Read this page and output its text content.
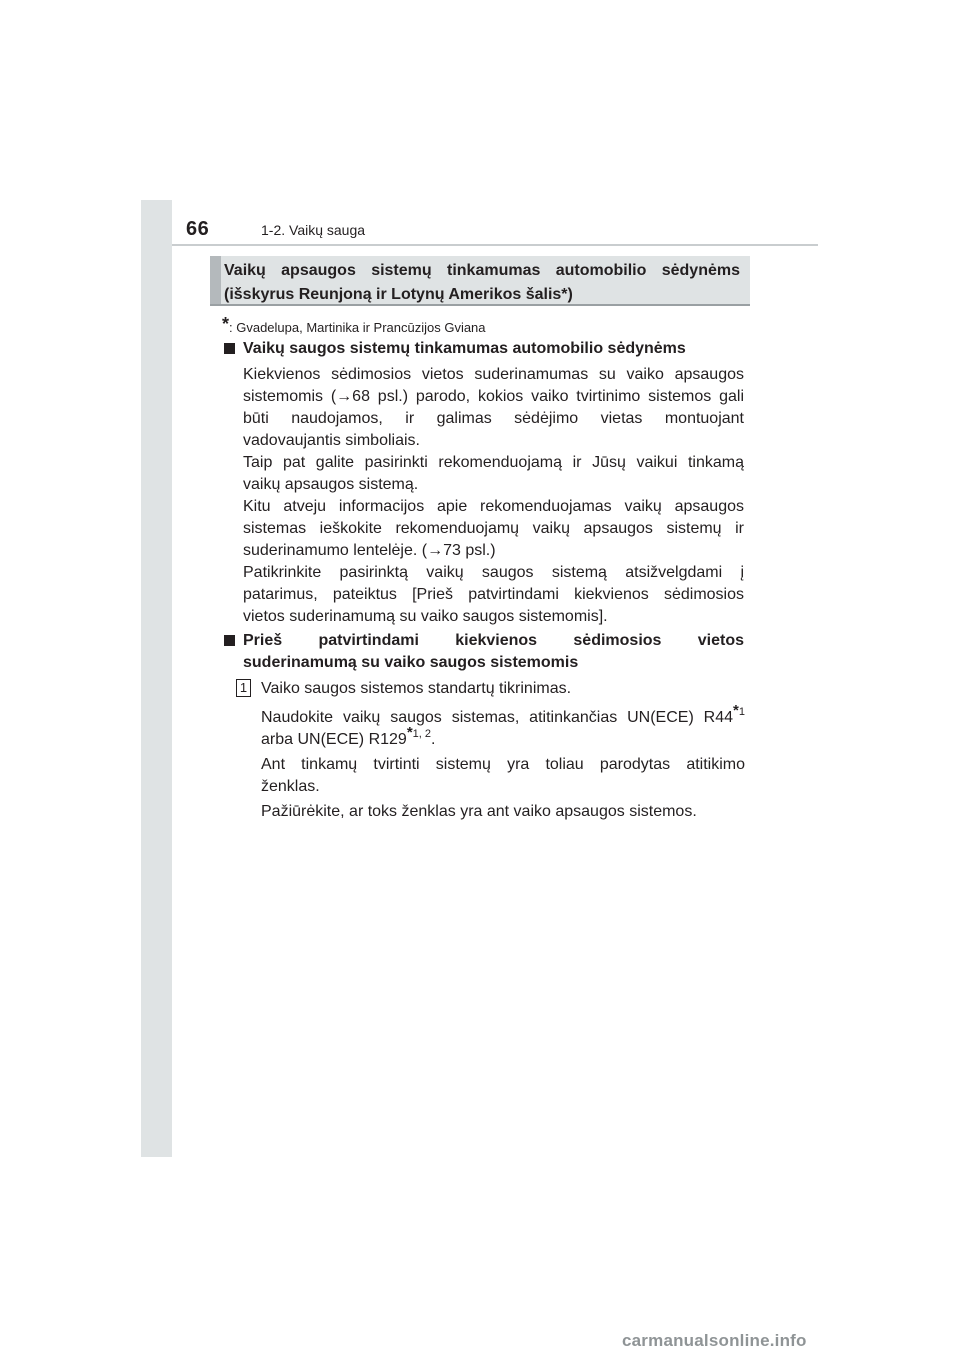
66	1-2. Vaikų sauga
Vaikų apsaugos sistemų tinkamumas automobilio sėdynėms
(išskyrus Reunjoną ir Lotynų Amerikos šalis*)
*: Gvadelupa, Martinika ir Prancūzijos Gviana
Vaikų saugos sistemų tinkamumas automobilio sėdynėms
Kiekvienos sėdimosios vietos suderinamumas su vaiko apsaugos
sistemomis (→68 psl.) parodo, kokios vaiko tvirtinimo sistemos gali
būti naudojamos, ir galimas sėdėjimo vietas montuojant
vadovaujantis simboliais.
Taip pat galite pasirinkti rekomenduojamą ir Jūsų vaikui tinkamą
vaikų apsaugos sistemą.
Kitu atveju informacijos apie rekomenduojamas vaikų apsaugos
sistemas ieškokite rekomenduojamų vaikų apsaugos sistemų ir
suderinamumo lentelėje. (→73 psl.)
Patikrinkite pasirinktą vaikų saugos sistemą atsižvelgdami į
patarimus, pateiktus [Prieš patvirtindami kiekvienos sėdimosios
vietos suderinamumą su vaiko saugos sistemomis].
Prieš patvirtindami kiekvienos sėdimosios vietos
suderinamumą su vaiko saugos sistemomis
1 Vaiko saugos sistemos standartų tikrinimas.
Naudokite vaikų saugos sistemas, atitinkančias UN(ECE) R44$^{*1}$
arba UN(ECE) R129$^{*1, 2}$.
Ant tinkamų tvirtinti sistemų yra toliau parodytas atitikimo
ženklas.
Pažiūrėkite, ar toks ženklas yra ant vaiko apsaugos sistemos.
carmanualsonline.info
